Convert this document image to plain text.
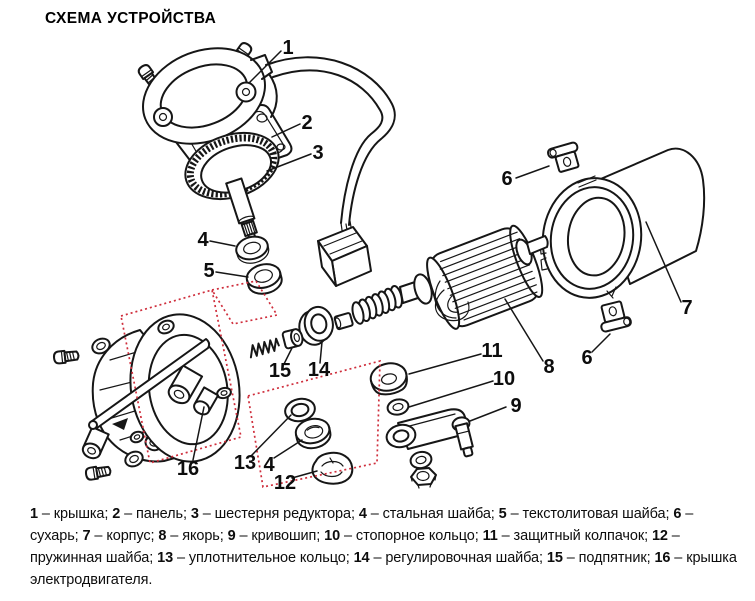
СХЕМА УСТРОЙСТВА
1
2
3
4
5
6
7
6
8
9
10
11
12
13 4
14
15
16

1 – крышка; 2 – панель; 3 – шестерня редуктора; 4 – стальная шайба; 5 – текстолитовая шайба; 6 – сухарь; 7 – корпус; 8 – якорь; 9 – кривошип; 10 – стопорное кольцо; 11 – защитный колпачок; 12 – пружинная шайба; 13 – уплотнительное кольцо; 14 – регулировочная шайба; 15 – подпятник; 16 – крышка электродвигателя.
